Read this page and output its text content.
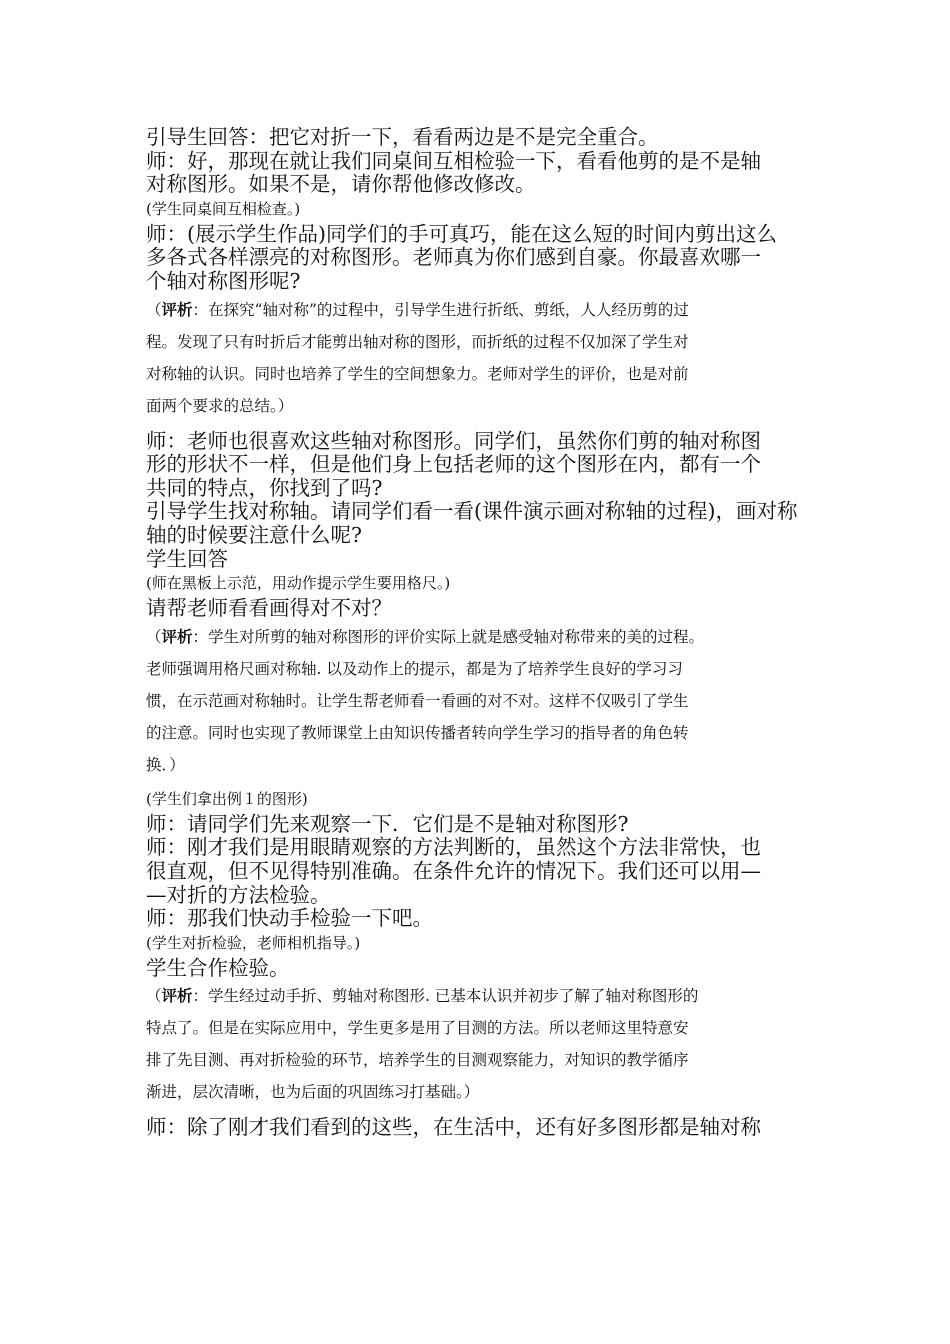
引导生回答：把它对折一下，看看两边是不是完全重合。

师：好，那现在就让我们同桌间互相检验一下，看看他剪的是不是轴

对称图形。如果不是，请你帮他修改修改。

(学生同桌间互相检查。)

师：(展示学生作品)同学们的手可真巧，能在这么短的时间内剪出这么

多各式各样漂亮的对称图形。老师真为你们感到自豪。你最喜欢哪一

个轴对称图形呢?

（评析：在探究“轴对称”的过程中，引导学生进行折纸、剪纸，人人经历剪的过

程。发现了只有时折后才能剪出轴对称的图形，而折纸的过程不仅加深了学生对

对称轴的认识。同时也培养了学生的空间想象力。老师对学生的评价，也是对前

面两个要求的总结。）

师：老师也很喜欢这些轴对称图形。同学们，虽然你们剪的轴对称图

形的形状不一样，但是他们身上包括老师的这个图形在内，都有一个

共同的特点，你找到了吗?

引导学生找对称轴。请同学们看一看(课件演示画对称轴的过程)，画对称

轴的时候要注意什么呢?

学生回答

(师在黑板上示范，用动作提示学生要用格尺。)

请帮老师看看画得对不对？

（评析：学生对所剪的轴对称图形的评价实际上就是感受轴对称带来的美的过程。

老师强调用格尺画对称轴. 以及动作上的提示，都是为了培养学生良好的学习习

惯，在示范画对称轴时。让学生帮老师看一看画的对不对。这样不仅吸引了学生

的注意。同时也实现了教师课堂上由知识传播者转向学生学习的指导者的角色转

换．）

(学生们拿出例１的图形)

师：请同学们先来观察一下．它们是不是轴对称图形?

师：刚才我们是用眼睛观察的方法判断的，虽然这个方法非常快，也

很直观，但不见得特别准确。在条件允许的情况下。我们还可以用—

—对折的方法检验。

师：那我们快动手检验一下吧。

(学生对折检验，老师相机指导。)

学生合作检验。

（评析：学生经过动手折、剪轴对称图形. 已基本认识并初步了解了轴对称图形的

特点了。但是在实际应用中，学生更多是用了目测的方法。所以老师这里特意安

排了先目测、再对折检验的环节，培养学生的目测观察能力，对知识的教学循序

渐进，层次清晰，也为后面的巩固练习打基础。）

师：除了刚才我们看到的这些，在生活中，还有好多图形都是轴对称
